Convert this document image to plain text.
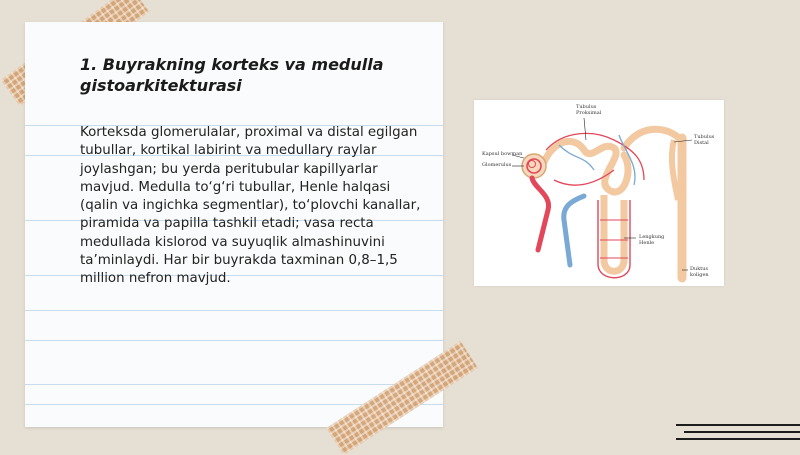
1. Buyrakning korteks va medulla gistoarkitekturasi

Korteksda glomerulalar, proximal va distal egilgan tubullar, kortikal labirint va medullary raylar joylashgan; bu yerda peritubular kapillyarlar mavjud. Medulla to‘g‘ri tubullar, Henle halqasi (qalin va ingichka segmentlar), to‘plovchi kanallar, piramida va papilla tashkil etadi; vasa recta medullada kislorod va suyuqlik almashinuvini ta’minlaydi. Har bir buyrakda taxminan 0,8–1,5 million nefron mavjud.

Tubulus
Proksimal
Tubulus
Distal
Kapsul bowman
Glomerulus
Lengkung
Henle
Duktus
koligen
